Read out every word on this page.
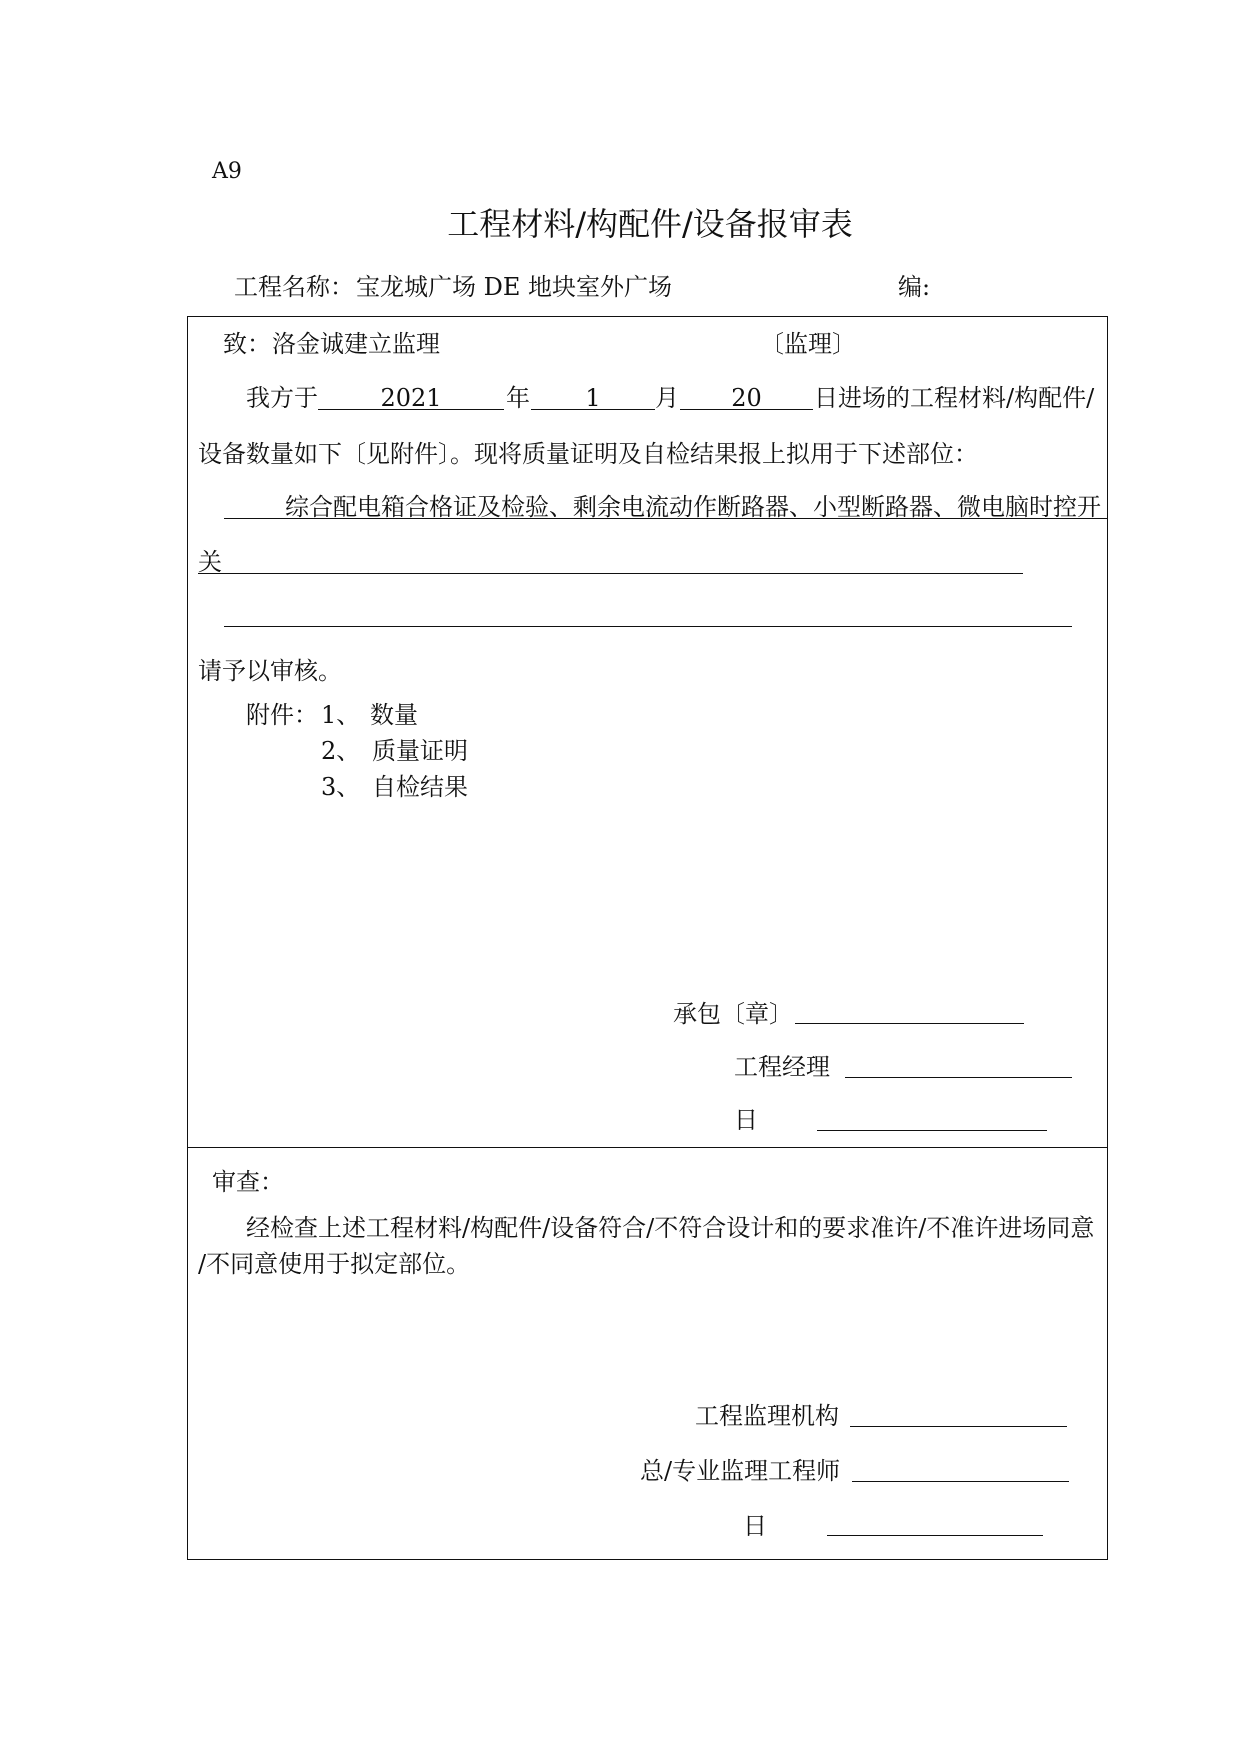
A9
工程材料/构配件/设备报审表
工程名称： 宝龙城广场 DE 地块室外广场	编:
致： 洛金诚建立监理	〔监理〕
我方于	2021	年	1	月	20	日进场的工程材料/构配件/
设备数量如下〔见附件〕。现将质量证明及自检结果报上拟用于下述部位：
综合配电箱合格证及检验、剩余电流动作断路器、小型断路器、微电脑时控开
关
请予以审核。
附件： 1、 数量
2、 质量证明
3、 自检结果
承包〔章〕
工程经理
日
审查：
经检查上述工程材料/构配件/设备符合/不符合设计和的要求准许/不准许进场同意
/不同意使用于拟定部位。
工程监理机构
总/专业监理工程师
日
